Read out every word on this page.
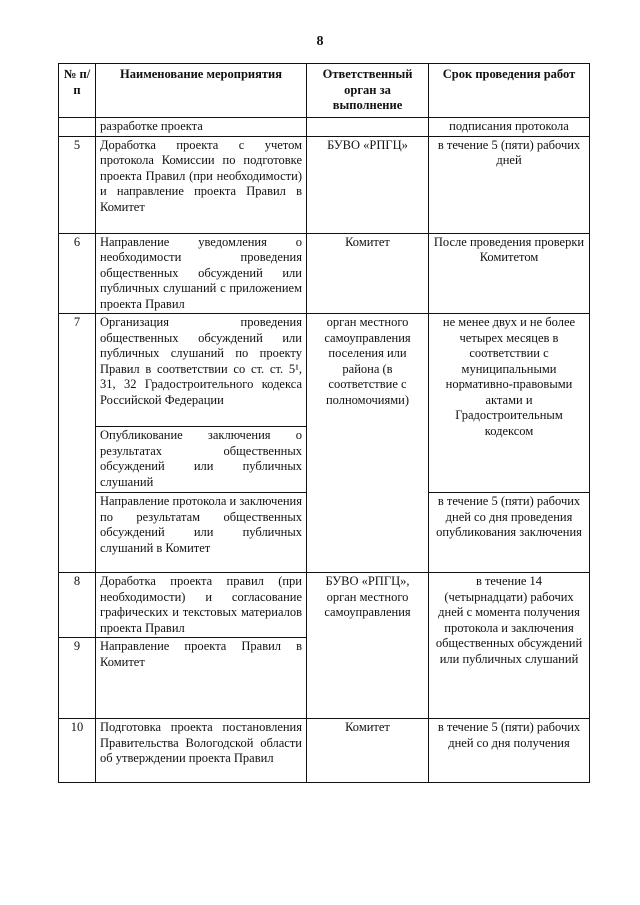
8
№ п/п	Наименование мероприятия	Ответственный орган за выполнение	Срок проведения работ
	разработке проекта		подписания протокола
5	Доработка проекта с учетом протокола Комиссии по подготовке проекта Правил (при необходимости) и направление проекта Правил в Комитет	БУВО «РПГЦ»	в течение 5 (пяти) рабочих дней
6	Направление уведомления о необходимости проведения общественных обсуждений или публичных слушаний с приложением проекта Правил	Комитет	После проведения проверки Комитетом
7	Организация проведения общественных обсуждений или публичных слушаний по проекту Правил в соответствии со ст. ст. 5¹, 31, 32 Градостроительного кодекса Российской Федерации	орган местного самоуправления поселения или района (в соответствие с полномочиями)	не менее двух и не более четырех месяцев в соответствии с муниципальными нормативно-правовыми актами и Градостроительным кодексом
	Опубликование заключения о результатах общественных обсуждений или публичных слушаний		
	Направление протокола и заключения по результатам общественных обсуждений или публичных слушаний в Комитет		в течение 5 (пяти) рабочих дней со дня проведения опубликования заключения
8	Доработка проекта правил (при необходимости) и согласование графических и текстовых материалов проекта Правил	БУВО «РПГЦ», орган местного самоуправления	в течение 14 (четырнадцати) рабочих дней с момента получения протокола и заключения общественных обсуждений или публичных слушаний
9	Направление проекта Правил в Комитет		
10	Подготовка проекта постановления Правительства Вологодской области об утверждении проекта Правил	Комитет	в течение 5 (пяти) рабочих дней со дня получения
